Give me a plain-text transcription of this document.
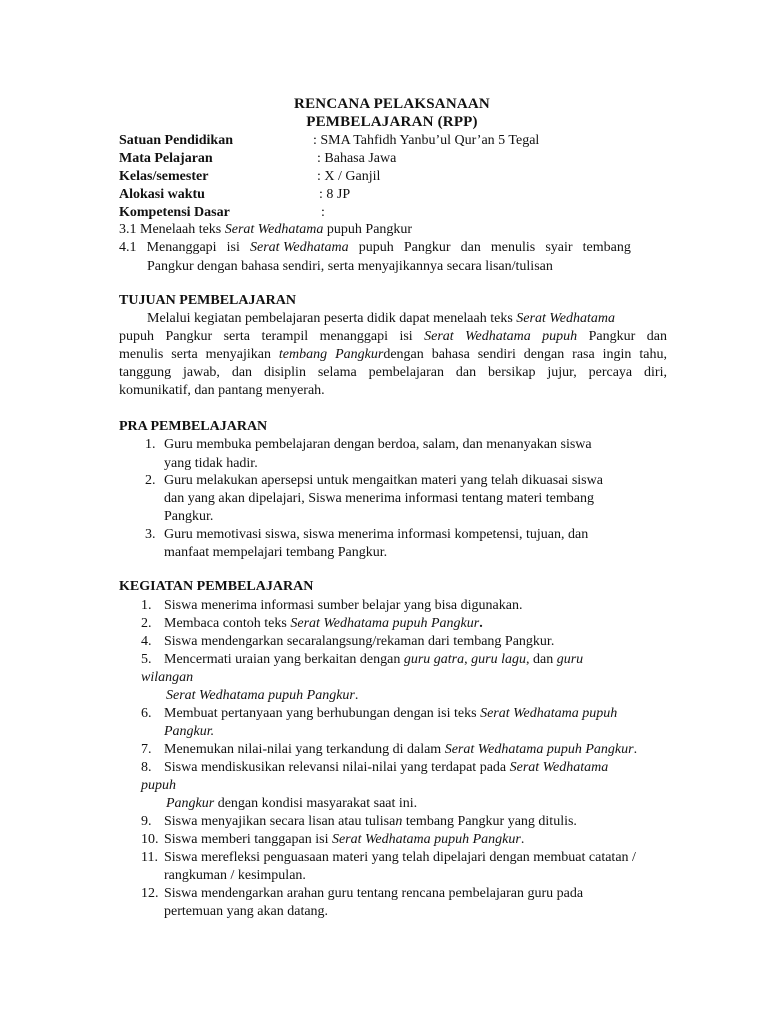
RENCANA PELAKSANAAN
PEMBELAJARAN (RPP)
Satuan Pendidikan	: SMA Tahfidh Yanbu’ul Qur’an 5 Tegal
Mata Pelajaran	: Bahasa Jawa
Kelas/semester	: X / Ganjil
Alokasi waktu	: 8 JP
Kompetensi Dasar	:
3.1 Menelaah teks Serat Wedhatama pupuh Pangkur
4.1 Menanggapi isi Serat Wedhatama pupuh Pangkur dan menulis syair tembang
Pangkur dengan bahasa sendiri, serta menyajikannya secara lisan/tulisan
TUJUAN PEMBELAJARAN

Melalui kegiatan pembelajaran peserta didik dapat menelaah teks Serat Wedhatama

pupuh Pangkur serta terampil menanggapi isi Serat Wedhatama pupuh Pangkur dan

menulis serta menyajikan tembang Pangkurdengan bahasa sendiri dengan rasa ingin tahu,

tanggung jawab, dan disiplin selama pembelajaran dan bersikap jujur, percaya diri,

komunikatif, dan pantang menyerah.

PRA PEMBELAJARAN
1. Guru membuka pembelajaran dengan berdoa, salam, dan menanyakan siswa
yang tidak hadir.
2. Guru melakukan apersepsi untuk mengaitkan materi yang telah dikuasai siswa
dan yang akan dipelajari, Siswa menerima informasi tentang materi tembang
Pangkur.
3. Guru memotivasi siswa, siswa menerima informasi kompetensi, tujuan, dan
manfaat mempelajari tembang Pangkur.
KEGIATAN PEMBELAJARAN
1. Siswa menerima informasi sumber belajar yang bisa digunakan.
2. Membaca contoh teks Serat Wedhatama pupuh Pangkur.
4. Siswa mendengarkan secaralangsung/rekaman dari tembang Pangkur.
5. Mencermati uraian yang berkaitan dengan guru gatra, guru lagu, dan guru
wilangan
Serat Wedhatama pupuh Pangkur.
6. Membuat pertanyaan yang berhubungan dengan isi teks Serat Wedhatama pupuh
Pangkur.
7. Menemukan nilai-nilai yang terkandung di dalam Serat Wedhatama pupuh Pangkur.
8. Siswa mendiskusikan relevansi nilai-nilai yang terdapat pada Serat Wedhatama
pupuh
Pangkur dengan kondisi masyarakat saat ini.
9. Siswa menyajikan secara lisan atau tulisan tembang Pangkur yang ditulis.
10. Siswa memberi tanggapan isi Serat Wedhatama pupuh Pangkur.
11. Siswa merefleksi penguasaan materi yang telah dipelajari dengan membuat catatan /
rangkuman / kesimpulan.
12. Siswa mendengarkan arahan guru tentang rencana pembelajaran guru pada
pertemuan yang akan datang.
